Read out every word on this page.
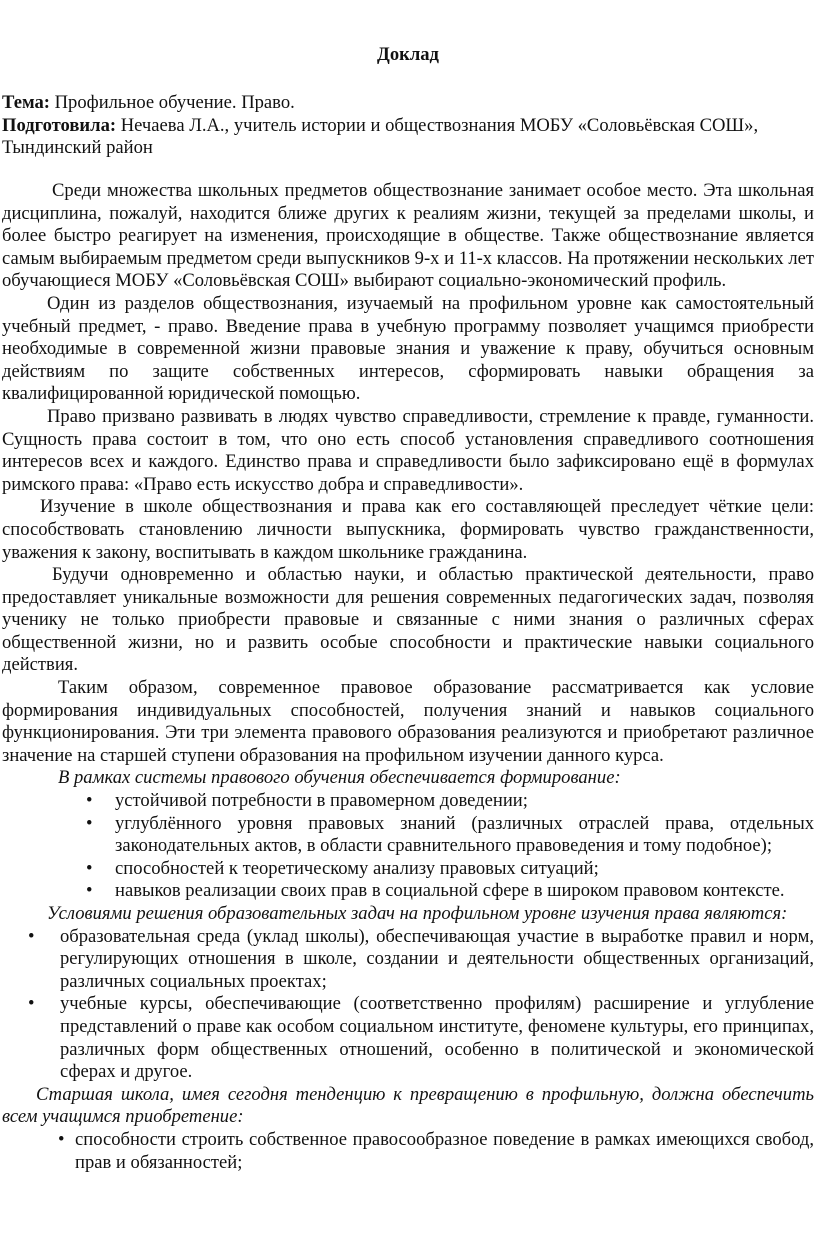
Доклад

Тема: Профильное обучение. Право.

Подготовила: Нечаева Л.А., учитель истории и обществознания МОБУ «Соловьёвская СОШ», Тындинский район

Среди множества школьных предметов обществознание занимает особое место. Эта школьная дисциплина, пожалуй, находится ближе других к реалиям жизни, текущей за пределами школы, и более быстро реагирует на изменения, происходящие в обществе. Также обществознание является самым выбираемым предметом среди выпускников 9-х и 11-х классов. На протяжении нескольких лет обучающиеся МОБУ «Соловьёвская СОШ» выбирают социально-экономический профиль.

Один из разделов обществознания, изучаемый на профильном уровне как самостоятельный учебный предмет, - право. Введение права в учебную программу позволяет учащимся приобрести необходимые в современной жизни правовые знания и уважение к праву, обучиться основным действиям по защите собственных интересов, сформировать навыки обращения за квалифицированной юридической помощью.

Право призвано развивать в людях чувство справедливости, стремление к правде, гуманности. Сущность права состоит в том, что оно есть способ установления справедливого соотношения интересов всех и каждого. Единство права и справедливости было зафиксировано ещё в формулах римского права: «Право есть искусство добра и справедливости».

Изучение в школе обществознания и права как его составляющей преследует чёткие цели: способствовать становлению личности выпускника, формировать чувство гражданственности, уважения к закону, воспитывать в каждом школьнике гражданина.

Будучи одновременно и областью науки, и областью практической деятельности, право предоставляет уникальные возможности для решения современных педагогических задач, позволяя ученику не только приобрести правовые и связанные с ними знания о различных сферах общественной жизни, но и развить особые способности и практические навыки социального действия.

Таким образом, современное правовое образование рассматривается как условие формирования индивидуальных способностей, получения знаний и навыков социального функционирования. Эти три элемента правового образования реализуются и приобретают различное значение на старшей ступени образования на профильном изучении данного курса.

В рамках системы правового обучения обеспечивается формирование:

• устойчивой потребности в правомерном доведении;
• углублённого уровня правовых знаний (различных отраслей права, отдельных законодательных актов, в области сравнительного правоведения и тому подобное);
• способностей к теоретическому анализу правовых ситуаций;
• навыков реализации своих прав в социальной сфере в широком правовом контексте.

Условиями решения образовательных задач на профильном уровне изучения права являются:

• образовательная среда (уклад школы), обеспечивающая участие в выработке правил и норм, регулирующих отношения в школе, создании и деятельности общественных организаций, различных социальных проектах;
• учебные курсы, обеспечивающие (соответственно профилям) расширение и углубление представлений о праве как особом социальном институте, феномене культуры, его принципах, различных форм общественных отношений, особенно в политической и экономической сферах и другое.

Старшая школа, имея сегодня тенденцию к превращению в профильную, должна обеспечить всем учащимся приобретение:

• способности строить собственное правосообразное поведение в рамках имеющихся свобод, прав и обязанностей;
